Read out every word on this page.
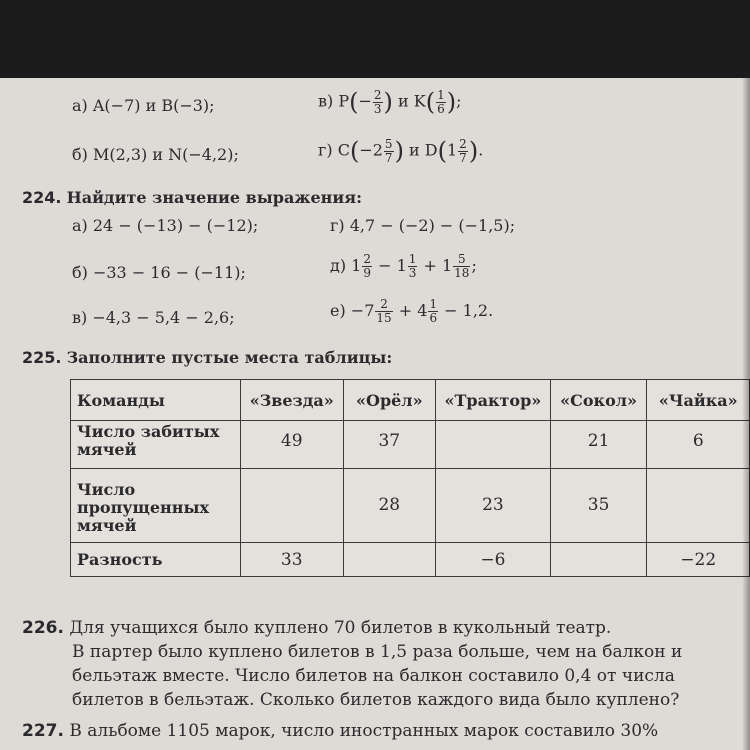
а) A(−7) и B(−3);	в) $P(- \frac{2}{3}$ ) и $K( \frac{1}{6}$ );
б) M(2,3) и N(−4,2);	г) $C(-2 \frac{5}{7}$ ) и $D(1 \frac{2}{7}$ ).
224. Найдите значение выражения:
а) 24 − (−13) − (−12);	г) 4,7 − (−2) − (−1,5);
б) −33 − 16 − (−11);	д) $1 \frac{2}{9} - 1 \frac{1}{3} + 1 \frac{5}{18}$ ;
в) −4,3 − 5,4 − 2,6;	$е) -7 \frac{2}{15} + 4 \frac{1}{6} - 1,2$.
225. Заполните пустые места таблицы:
Команды	«Звезда»	«Орёл»	«Трактор»	«Сокол»	«Чайка»
Число забитых
мячей	49	37		21	6
Число
пропущенных
мячей		28	23	35	
Разность	33		−6		−22
226. Для учащихся было куплено 70 билетов в кукольный театр.
В партер было куплено билетов в 1,5 раза больше, чем на балкон и
бельэтаж вместе. Число билетов на балкон составило 0,4 от числа
билетов в бельэтаж. Сколько билетов каждого вида было куплено?
227. В альбоме 1105 марок, число иностранных марок составило 30%
